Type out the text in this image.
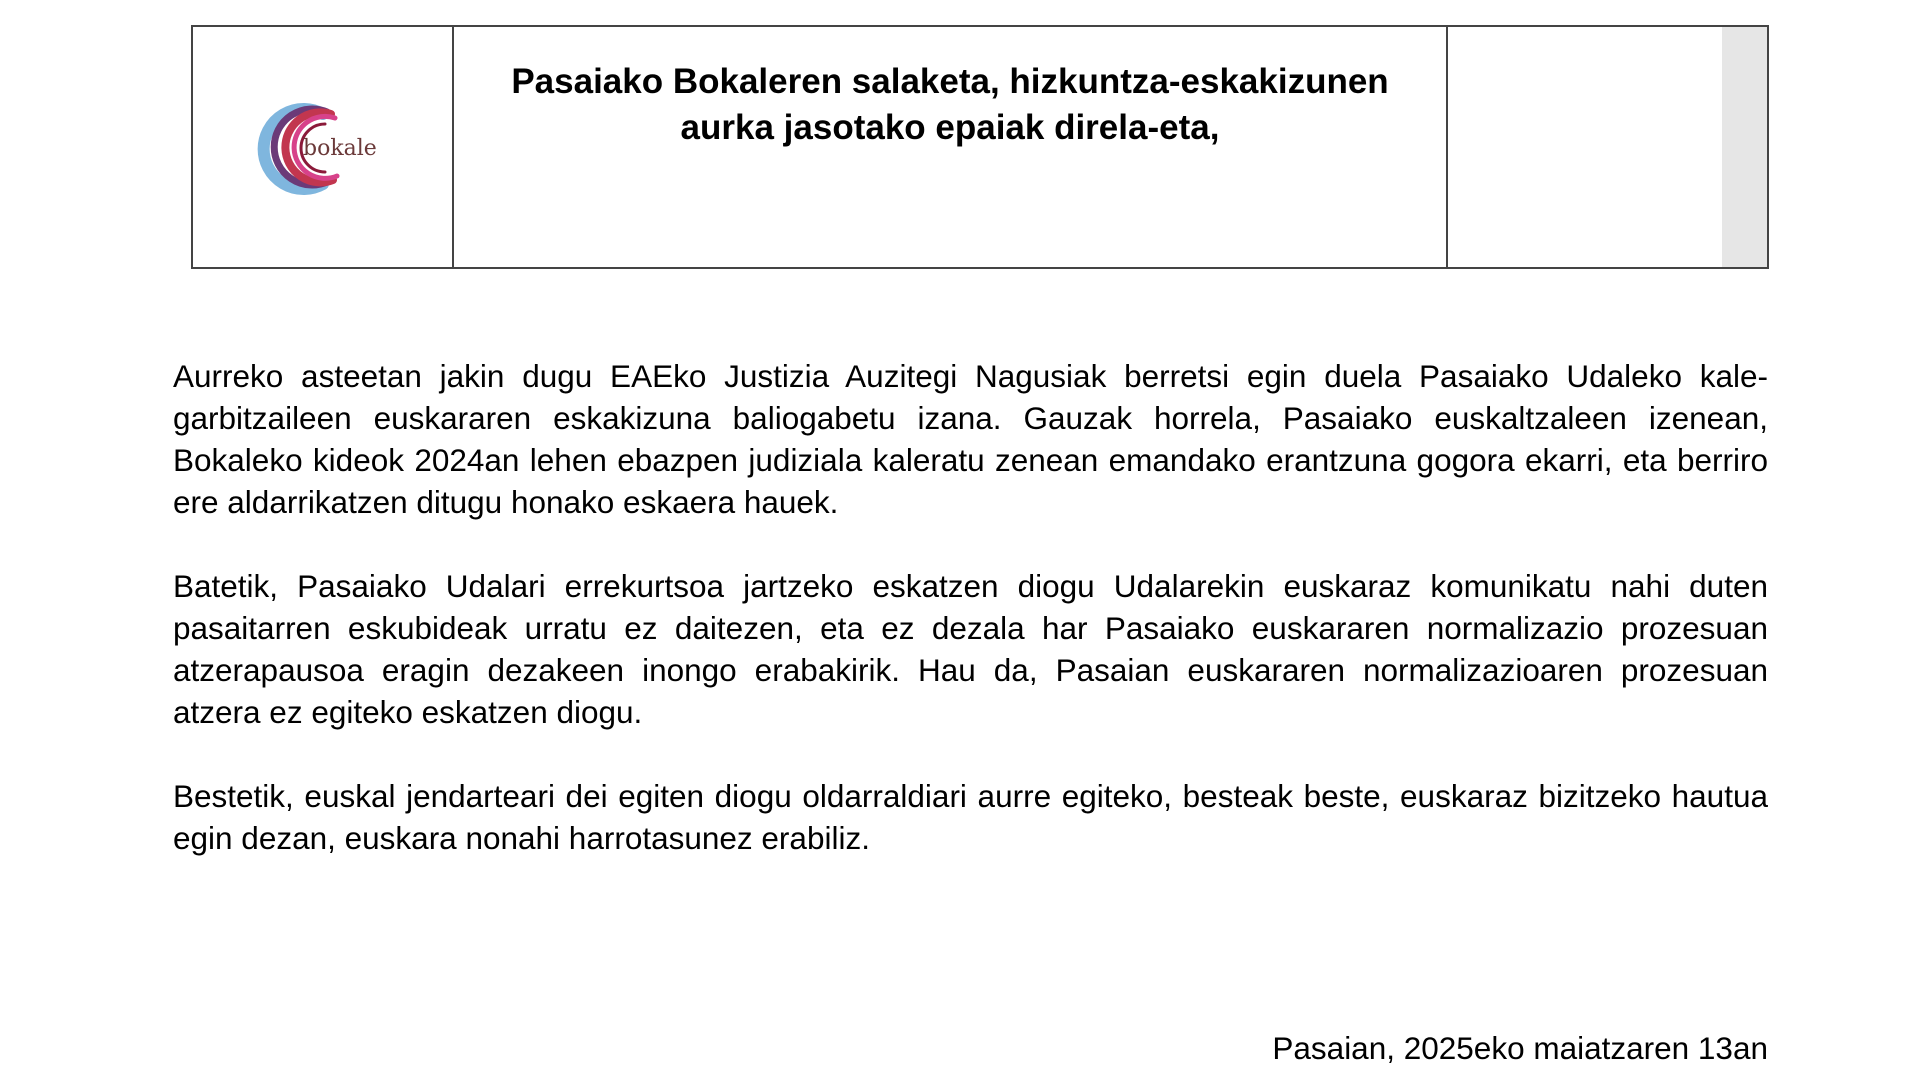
bokale
Pasaiako Bokaleren salaketa, hizkuntza-eskakizunen
aurka jasotako epaiak direla-eta,

Aurreko asteetan jakin dugu EAEko Justizia Auzitegi Nagusiak berretsi egin duela Pasaiako Udaleko kale-garbitzaileen euskararen eskakizuna baliogabetu izana. Gauzak horrela, Pasaiako euskaltzaleen izenean, Bokaleko kideok 2024an lehen ebazpen judiziala kaleratu zenean emandako erantzuna gogora ekarri, eta berriro ere aldarrikatzen ditugu honako eskaera hauek.

Batetik, Pasaiako Udalari errekurtsoa jartzeko eskatzen diogu Udalarekin euskaraz komunikatu nahi duten pasaitarren eskubideak urratu ez daitezen, eta ez dezala har Pasaiako euskararen normalizazio prozesuan atzerapausoa eragin dezakeen inongo erabakirik. Hau da, Pasaian euskararen normalizazioaren prozesuan atzera ez egiteko eskatzen diogu.

Bestetik, euskal jendarteari dei egiten diogu oldarraldiari aurre egiteko, besteak beste, euskaraz bizitzeko hautua egin dezan, euskara nonahi harrotasunez erabiliz.

Pasaian, 2025eko maiatzaren 13an
